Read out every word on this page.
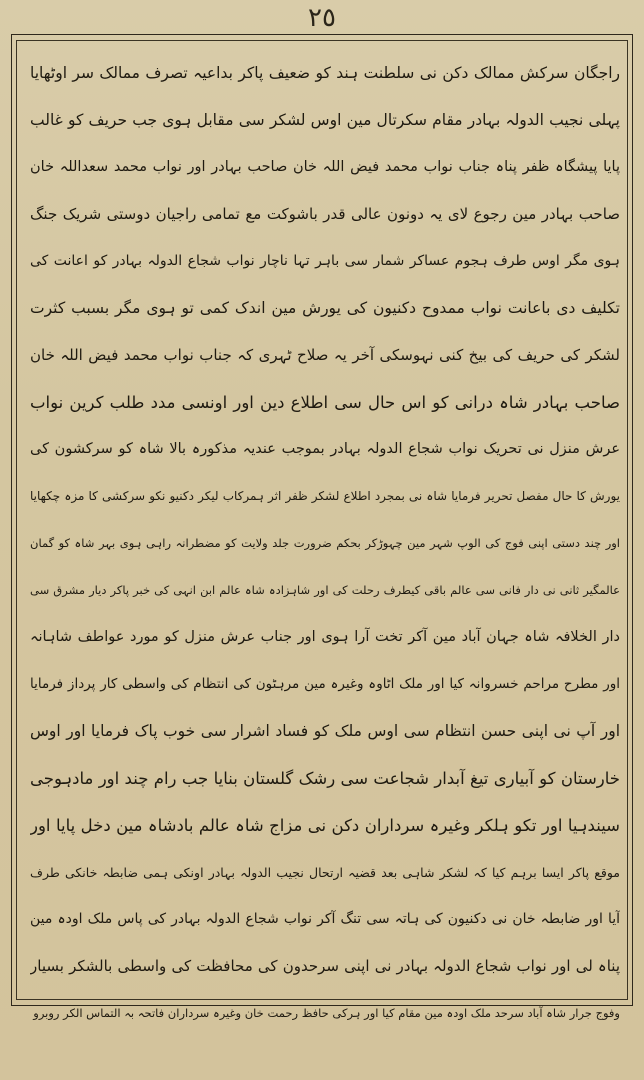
٢٥
راجگان سرکش ممالک دکن نی سلطنت ہند کو ضعیف پاکر بداعیہ تصرف ممالک سر اوٹھایا
پہلی نجیب الدولہ بہادر مقام سکرتال مین اوس لشکر سی مقابل ہوی جب حریف کو غالب
پایا پیشگاہ ظفر پناہ جناب نواب محمد فیض اللہ خان صاحب بہادر اور نواب محمد سعداللہ خان
صاحب بہادر مین رجوع لای یہ دونون عالی قدر باشوکت مع تمامی راجیان دوستی شریک جنگ
ہوی مگر اوس طرف ہجوم عساکر شمار سی باہر تہا ناچار نواب شجاع الدولہ بہادر کو اعانت کی
تکلیف دی باعانت نواب ممدوح دکنیون کی یورش مین اندک کمی تو ہوی مگر بسبب کثرت
لشکر کی حریف کی بیخ کنی نہوسکی آخر یہ صلاح ٹہری کہ جناب نواب محمد فیض اللہ خان
صاحب بہادر شاہ درانی کو اس حال سی اطلاع دین اور اونسی مدد طلب کرین نواب
عرش منزل نی تحریک نواب شجاع الدولہ بہادر بموجب عندیہ مذکورہ بالا شاہ کو سرکشون کی
یورش کا حال مفصل تحریر فرمایا شاہ نی بمجرد اطلاع لشکر ظفر اثر ہمرکاب لیکر دکنیو نکو سرکشی کا مزہ چکھایا
اور چند دستی اپنی فوج کی الوپ شہر مین چہوڑکر بحکم ضرورت جلد ولایت کو مضطرانہ راہی ہوی بہر شاہ کو گمان
عالمگیر ثانی نی دار فانی سی عالم باقی کیطرف رحلت کی اور شاہزادہ شاہ عالم ابن انہی کی خبر پاکر دیار مشرق سی
دار الخلافہ شاہ جہان آباد مین آکر تخت آرا ہوی اور جناب عرش منزل کو مورد عواطف شاہانہ
اور مطرح مراحم خسروانہ کیا اور ملک اٹاوہ وغیرہ مین مرہٹون کی انتظام کی واسطی کار پرداز فرمایا
اور آپ نی اپنی حسن انتظام سی اوس ملک کو فساد اشرار سی خوب پاک فرمایا اور اوس
خارستان کو آبیاری تیغ آبدار شجاعت سی رشک گلستان بنایا جب رام چند اور مادہوجی
سیندہیا اور تکو ہلکر وغیرہ سرداران دکن نی مزاج شاہ عالم بادشاہ مین دخل پایا اور
موقع پاکر ایسا برہم کیا کہ لشکر شاہی بعد قضیہ ارتحال نجیب الدولہ بہادر اونکی ہمی ضابطہ خانکی طرف
آیا اور ضابطہ خان نی دکنیون کی ہاتہ سی تنگ آکر نواب شجاع الدولہ بہادر کی پاس ملک اودہ مین
پناہ لی اور نواب شجاع الدولہ بہادر نی اپنی سرحدون کی محافظت کی واسطی بالشکر بسیار
وفوج جرار شاہ آباد سرحد ملک اودہ مین مقام کیا اور ہرکی حافظ رحمت خان وغیرہ سرداران فاتحہ بہ التماس الکر روبرو
